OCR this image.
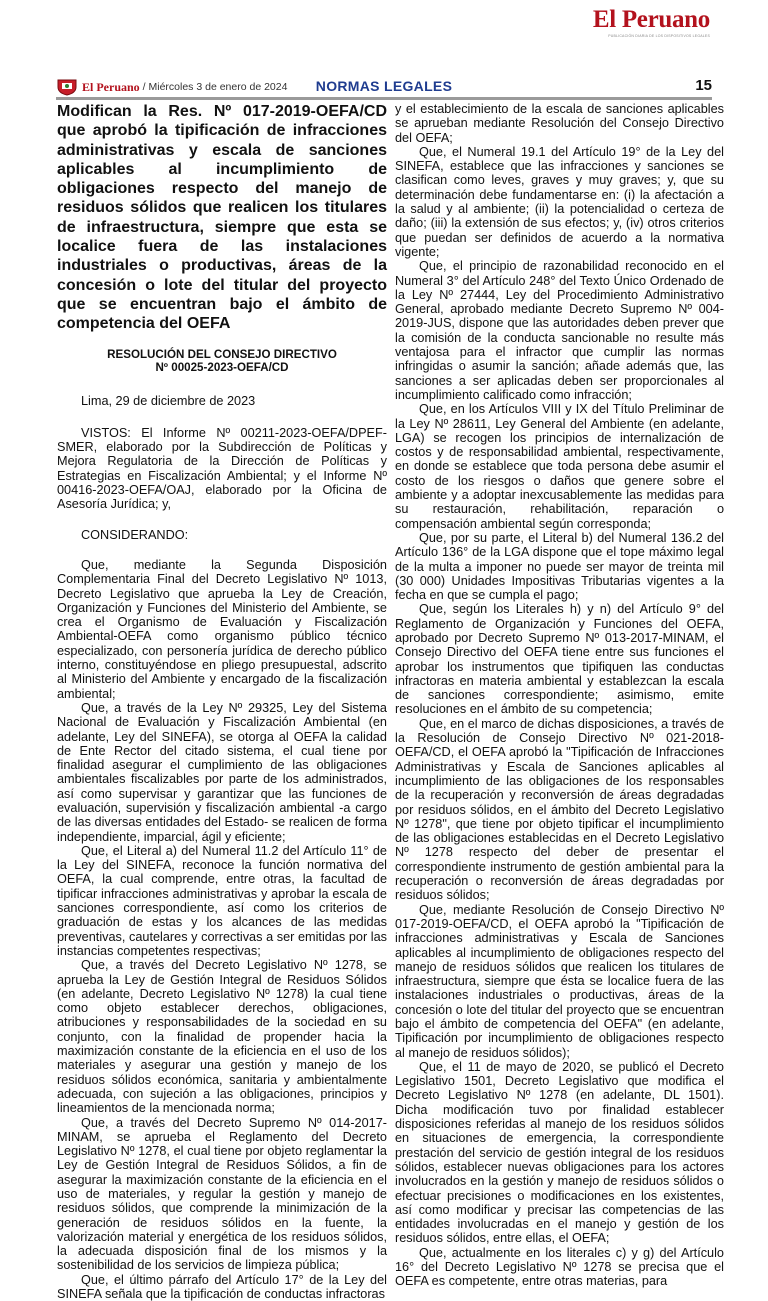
El Peruano
PUBLICACIÓN DIARIA DE LOS DISPOSITIVOS LEGALES
El Peruano / Miércoles 3 de enero de 2024	NORMAS LEGALES	15
Modifican la Res. Nº 017-2019-OEFA/CD que aprobó la tipificación de infracciones administrativas y escala de sanciones aplicables al incumplimiento de obligaciones respecto del manejo de residuos sólidos que realicen los titulares de infraestructura, siempre que esta se localice fuera de las instalaciones industriales o productivas, áreas de la concesión o lote del titular del proyecto que se encuentran bajo el ámbito de competencia del OEFA
RESOLUCIÓN DEL CONSEJO DIRECTIVO
Nº 00025-2023-OEFA/CD

Lima, 29 de diciembre de 2023

VISTOS: El Informe Nº 00211-2023-OEFA/DPEF-SMER, elaborado por la Subdirección de Políticas y Mejora Regulatoria de la Dirección de Políticas y Estrategias en Fiscalización Ambiental; y el Informe Nº 00416-2023-OEFA/OAJ, elaborado por la Oficina de Asesoría Jurídica; y,

CONSIDERANDO:

Que, mediante la Segunda Disposición Complementaria Final del Decreto Legislativo Nº 1013, Decreto Legislativo que aprueba la Ley de Creación, Organización y Funciones del Ministerio del Ambiente, se crea el Organismo de Evaluación y Fiscalización Ambiental-OEFA como organismo público técnico especializado, con personería jurídica de derecho público interno, constituyéndose en pliego presupuestal, adscrito al Ministerio del Ambiente y encargado de la fiscalización ambiental;

Que, a través de la Ley Nº 29325, Ley del Sistema Nacional de Evaluación y Fiscalización Ambiental (en adelante, Ley del SINEFA), se otorga al OEFA la calidad de Ente Rector del citado sistema, el cual tiene por finalidad asegurar el cumplimiento de las obligaciones ambientales fiscalizables por parte de los administrados, así como supervisar y garantizar que las funciones de evaluación, supervisión y fiscalización ambiental -a cargo de las diversas entidades del Estado- se realicen de forma independiente, imparcial, ágil y eficiente;

Que, el Literal a) del Numeral 11.2 del Artículo 11° de la Ley del SINEFA, reconoce la función normativa del OEFA, la cual comprende, entre otras, la facultad de tipificar infracciones administrativas y aprobar la escala de sanciones correspondiente, así como los criterios de graduación de estas y los alcances de las medidas preventivas, cautelares y correctivas a ser emitidas por las instancias competentes respectivas;

Que, a través del Decreto Legislativo Nº 1278, se aprueba la Ley de Gestión Integral de Residuos Sólidos (en adelante, Decreto Legislativo Nº 1278) la cual tiene como objeto establecer derechos, obligaciones, atribuciones y responsabilidades de la sociedad en su conjunto, con la finalidad de propender hacia la maximización constante de la eficiencia en el uso de los materiales y asegurar una gestión y manejo de los residuos sólidos económica, sanitaria y ambientalmente adecuada, con sujeción a las obligaciones, principios y lineamientos de la mencionada norma;

Que, a través del Decreto Supremo Nº 014-2017-MINAM, se aprueba el Reglamento del Decreto Legislativo Nº 1278, el cual tiene por objeto reglamentar la Ley de Gestión Integral de Residuos Sólidos, a fin de asegurar la maximización constante de la eficiencia en el uso de materiales, y regular la gestión y manejo de residuos sólidos, que comprende la minimización de la generación de residuos sólidos en la fuente, la valorización material y energética de los residuos sólidos, la adecuada disposición final de los mismos y la sostenibilidad de los servicios de limpieza pública;

Que, el último párrafo del Artículo 17° de la Ley del SINEFA señala que la tipificación de conductas infractoras

y el establecimiento de la escala de sanciones aplicables se aprueban mediante Resolución del Consejo Directivo del OEFA;

Que, el Numeral 19.1 del Artículo 19° de la Ley del SINEFA, establece que las infracciones y sanciones se clasifican como leves, graves y muy graves; y, que su determinación debe fundamentarse en: (i) la afectación a la salud y al ambiente; (ii) la potencialidad o certeza de daño; (iii) la extensión de sus efectos; y, (iv) otros criterios que puedan ser definidos de acuerdo a la normativa vigente;

Que, el principio de razonabilidad reconocido en el Numeral 3° del Artículo 248° del Texto Único Ordenado de la Ley Nº 27444, Ley del Procedimiento Administrativo General, aprobado mediante Decreto Supremo Nº 004-2019-JUS, dispone que las autoridades deben prever que la comisión de la conducta sancionable no resulte más ventajosa para el infractor que cumplir las normas infringidas o asumir la sanción; añade además que, las sanciones a ser aplicadas deben ser proporcionales al incumplimiento calificado como infracción;

Que, en los Artículos VIII y IX del Título Preliminar de la Ley Nº 28611, Ley General del Ambiente (en adelante, LGA) se recogen los principios de internalización de costos y de responsabilidad ambiental, respectivamente, en donde se establece que toda persona debe asumir el costo de los riesgos o daños que genere sobre el ambiente y a adoptar inexcusablemente las medidas para su restauración, rehabilitación, reparación o compensación ambiental según corresponda;

Que, por su parte, el Literal b) del Numeral 136.2 del Artículo 136° de la LGA dispone que el tope máximo legal de la multa a imponer no puede ser mayor de treinta mil (30 000) Unidades Impositivas Tributarias vigentes a la fecha en que se cumpla el pago;

Que, según los Literales h) y n) del Artículo 9° del Reglamento de Organización y Funciones del OEFA, aprobado por Decreto Supremo Nº 013-2017-MINAM, el Consejo Directivo del OEFA tiene entre sus funciones el aprobar los instrumentos que tipifiquen las conductas infractoras en materia ambiental y establezcan la escala de sanciones correspondiente; asimismo, emite resoluciones en el ámbito de su competencia;

Que, en el marco de dichas disposiciones, a través de la Resolución de Consejo Directivo Nº 021-2018-OEFA/CD, el OEFA aprobó la "Tipificación de Infracciones Administrativas y Escala de Sanciones aplicables al incumplimiento de las obligaciones de los responsables de la recuperación y reconversión de áreas degradadas por residuos sólidos, en el ámbito del Decreto Legislativo Nº 1278", que tiene por objeto tipificar el incumplimiento de las obligaciones establecidas en el Decreto Legislativo Nº 1278 respecto del deber de presentar el correspondiente instrumento de gestión ambiental para la recuperación o reconversión de áreas degradadas por residuos sólidos;

Que, mediante Resolución de Consejo Directivo Nº 017-2019-OEFA/CD, el OEFA aprobó la "Tipificación de infracciones administrativas y Escala de Sanciones aplicables al incumplimiento de obligaciones respecto del manejo de residuos sólidos que realicen los titulares de infraestructura, siempre que ésta se localice fuera de las instalaciones industriales o productivas, áreas de la concesión o lote del titular del proyecto que se encuentran bajo el ámbito de competencia del OEFA" (en adelante, Tipificación por incumplimiento de obligaciones respecto al manejo de residuos sólidos);

Que, el 11 de mayo de 2020, se publicó el Decreto Legislativo 1501, Decreto Legislativo que modifica el Decreto Legislativo Nº 1278 (en adelante, DL 1501). Dicha modificación tuvo por finalidad establecer disposiciones referidas al manejo de los residuos sólidos en situaciones de emergencia, la correspondiente prestación del servicio de gestión integral de los residuos sólidos, establecer nuevas obligaciones para los actores involucrados en la gestión y manejo de residuos sólidos o efectuar precisiones o modificaciones en los existentes, así como modificar y precisar las competencias de las entidades involucradas en el manejo y gestión de los residuos sólidos, entre ellas, el OEFA;

Que, actualmente en los literales c) y g) del Artículo 16° del Decreto Legislativo Nº 1278 se precisa que el OEFA es competente, entre otras materias, para
